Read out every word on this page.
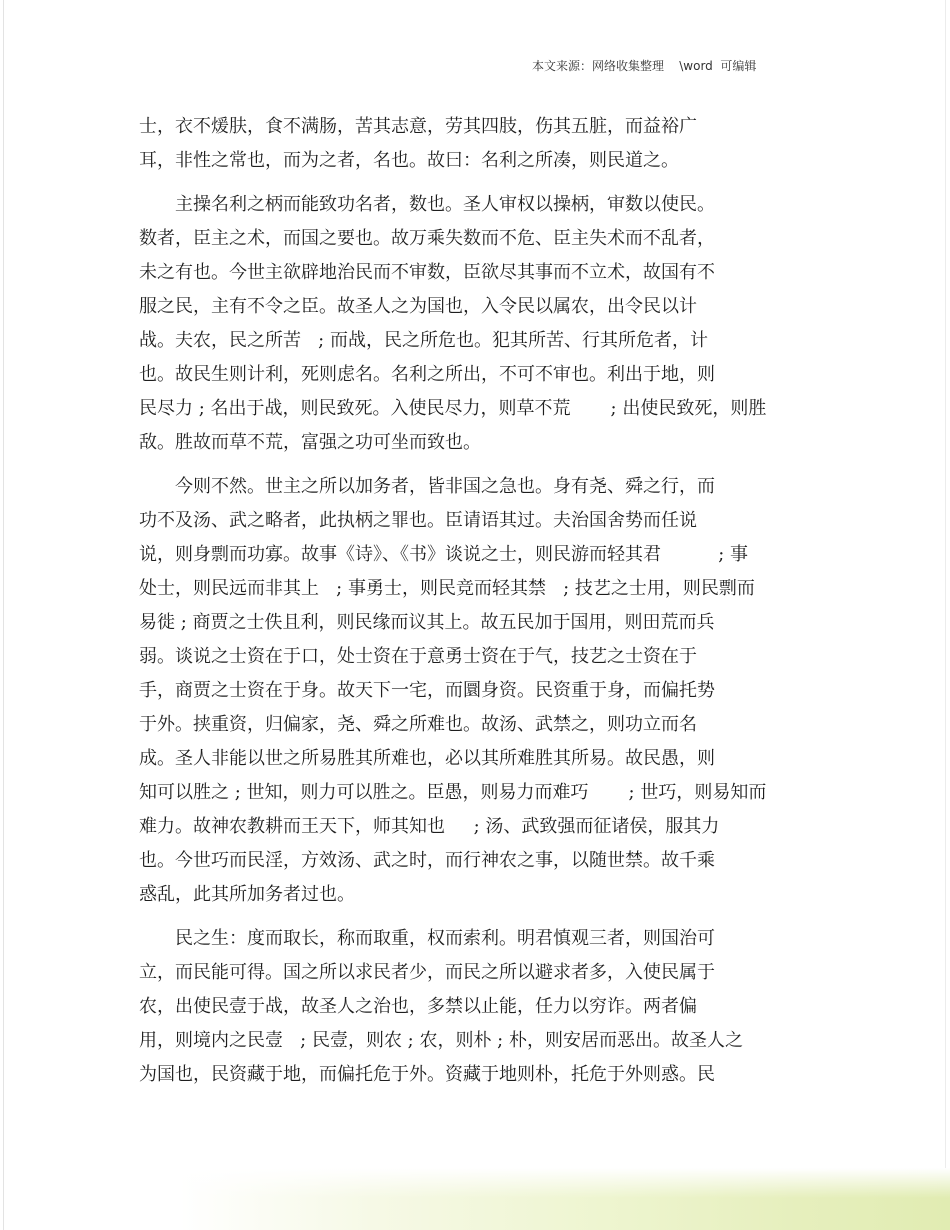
本文来源：网络收集整理    \word  可编辑
士，衣不煖肤，食不满肠，苦其志意，劳其四肢，伤其五脏，而益裕广
耳，非性之常也，而为之者，名也。故曰：名利之所凑，则民道之。
　　主操名利之柄而能致功名者，数也。圣人审权以操柄，审数以使民。
数者，臣主之术，而国之要也。故万乘失数而不危、臣主失术而不乱者，
未之有也。今世主欲辟地治民而不审数，臣欲尽其事而不立术，故国有不
服之民，主有不令之臣。故圣人之为国也，入令民以属农，出令民以计
战。夫农，民之所苦   ; 而战，民之所危也。犯其所苦、行其所危者，计
也。故民生则计利，死则虑名。名利之所出，不可不审也。利出于地，则
民尽力 ; 名出于战，则民致死。入使民尽力，则草不荒       ; 出使民致死，则胜
敌。胜故而草不荒，富强之功可坐而致也。
　　今则不然。世主之所以加务者，皆非国之急也。身有尧、舜之行，而
功不及汤、武之略者，此执柄之罪也。臣请语其过。夫治国舍势而任说
说，则身剽而功寡。故事《诗》、《书》谈说之士，则民游而轻其君          ; 事
处士，则民远而非其上   ; 事勇士，则民竞而轻其禁   ; 技艺之士用，则民剽而
易徙 ; 商贾之士佚且利，则民缘而议其上。故五民加于国用，则田荒而兵
弱。谈说之士资在于口，处士资在于意勇士资在于气，技艺之士资在于
手，商贾之士资在于身。故天下一宅，而圜身资。民资重于身，而偏托势
于外。挟重资，归偏家，尧、舜之所难也。故汤、武禁之，则功立而名
成。圣人非能以世之所易胜其所难也，必以其所难胜其所易。故民愚，则
知可以胜之 ; 世知，则力可以胜之。臣愚，则易力而难巧       ; 世巧，则易知而
难力。故神农教耕而王天下，师其知也     ; 汤、武致强而征诸侯，服其力
也。今世巧而民淫，方效汤、武之时，而行神农之事，以随世禁。故千乘
惑乱，此其所加务者过也。
　　民之生：度而取长，称而取重，权而索利。明君慎观三者，则国治可
立，而民能可得。国之所以求民者少，而民之所以避求者多，入使民属于
农，出使民壹于战，故圣人之治也，多禁以止能，任力以穷诈。两者偏
用，则境内之民壹   ; 民壹，则农 ; 农，则朴 ; 朴，则安居而恶出。故圣人之
为国也，民资藏于地，而偏托危于外。资藏于地则朴，托危于外则惑。民
